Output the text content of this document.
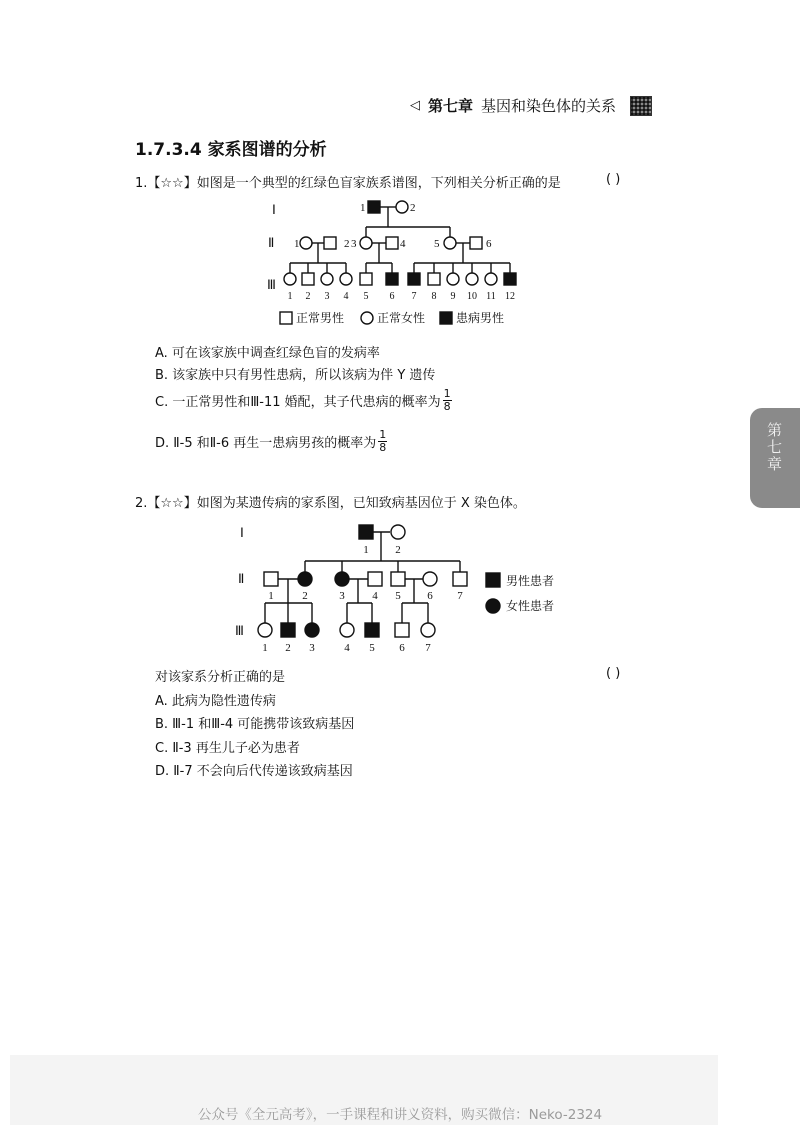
◁ 第七章 基因和染色体的关系
1.7.3.4 家系图谱的分析
1.【☆☆】如图是一个典型的红绿色盲家族系谱图，下列相关分析正确的是	( )
Ⅰ
Ⅱ
Ⅲ
1	2
1	2 3	4	5	6
1 2 3 4 5 6 7 8 9 10 11 12
正常男性	正常女性	患病男性
A. 可在该家族中调查红绿色盲的发病率
B. 该家族中只有男性患病，所以该病为伴 Y 遗传
C. 一正常男性和Ⅲ-11 婚配，其子代患病的概率为 $\frac{1}{8}$
D. Ⅱ-5 和Ⅱ-6 再生一患病男孩的概率为 $\frac{1}{8}$
2.【☆☆】如图为某遗传病的家系图，已知致病基因位于 X 染色体。
Ⅰ
Ⅱ
Ⅲ
1 2
1	2	3	4 5 6 7
1 2 3	4 5 6 7
男性患者
女性患者
对该家系分析正确的是	( )
A. 此病为隐性遗传病
B. Ⅲ-1 和Ⅲ-4 可能携带该致病基因
C. Ⅱ-3 再生儿子必为患者
D. Ⅱ-7 不会向后代传递该致病基因
第七章
公众号《全元高考》，一手课程和讲义资料，购买微信：Neko-2324
